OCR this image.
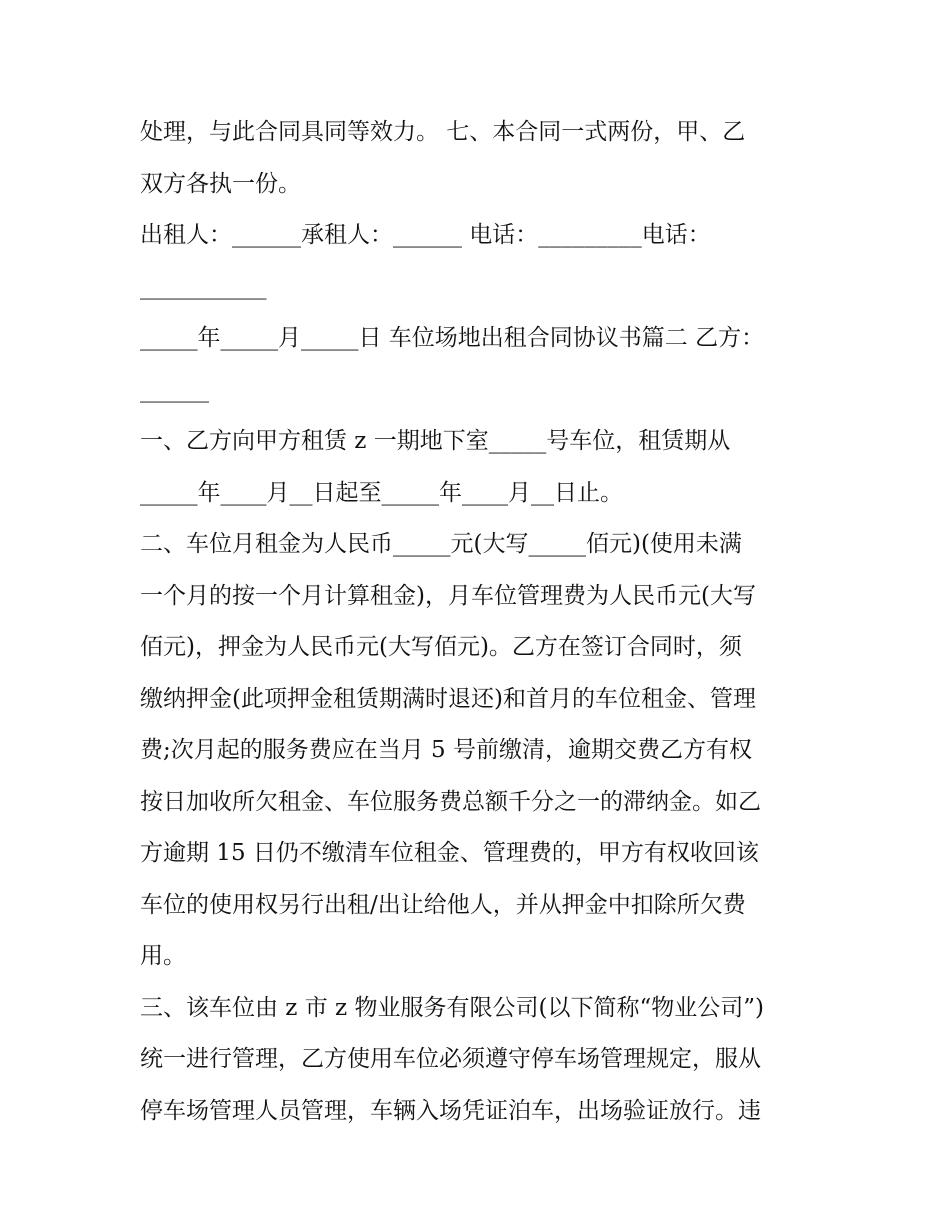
处理，与此合同具同等效力。 七、本合同一式两份，甲、乙
双方各执一份。
出租人：______承租人：______ 电话：_________电话：
___________
_____年_____月_____日 车位场地出租合同协议书篇二 乙方：
______
一、乙方向甲方租赁 z 一期地下室_____号车位，租赁期从
_____年____月__日起至_____年____月__日止。
二、车位月租金为人民币_____元(大写_____佰元)(使用未满
一个月的按一个月计算租金)，月车位管理费为人民币元(大写
佰元)，押金为人民币元(大写佰元)。乙方在签订合同时，须
缴纳押金(此项押金租赁期满时退还)和首月的车位租金、管理
费;次月起的服务费应在当月 5 号前缴清，逾期交费乙方有权
按日加收所欠租金、车位服务费总额千分之一的滞纳金。如乙
方逾期 15 日仍不缴清车位租金、管理费的，甲方有权收回该
车位的使用权另行出租/出让给他人，并从押金中扣除所欠费
用。
三、该车位由 z 市 z 物业服务有限公司(以下简称“物业公司”)
统一进行管理，乙方使用车位必须遵守停车场管理规定，服从
停车场管理人员管理，车辆入场凭证泊车，出场验证放行。违
